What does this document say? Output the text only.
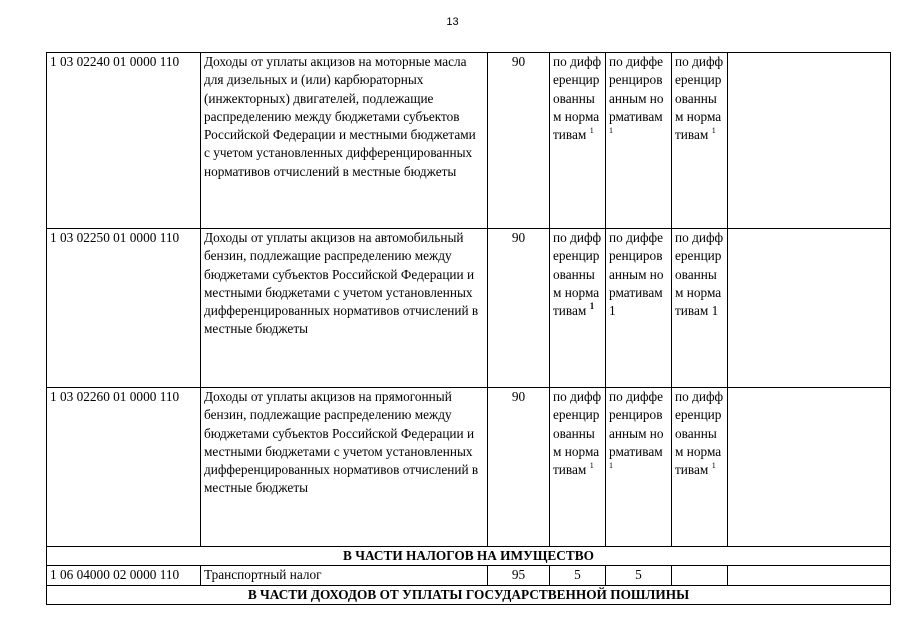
13
1 03 02240 01 0000 110	Доходы от уплаты акцизов на моторные масла для дизельных и (или) карбюраторных (инжекторных) двигателей, подлежащие распределению между бюджетами субъектов Российской Федерации и местными бюджетами с учетом установленных дифференцированных нормативов отчислений в местные бюджеты	90	по дифференцированным нормативам $^1$	по дифференцированным нормативам $^1$	по дифференцированным нормативам $^1$	
1 03 02250 01 0000 110	Доходы от уплаты акцизов на автомобильный бензин, подлежащие распределению между бюджетами субъектов Российской Федерации и местными бюджетами с учетом установленных дифференцированных нормативов отчислений в местные бюджеты	90	по дифференцированным нормативам $^1$	по дифференцированным нормативам 1	по дифференцированным нормативам 1	
1 03 02260 01 0000 110	Доходы от уплаты акцизов на прямогонный бензин, подлежащие распределению между бюджетами субъектов Российской Федерации и местными бюджетами с учетом установленных дифференцированных нормативов отчислений в местные бюджеты	90	по дифференцированным нормативам $^1$	по дифференцированным нормативам $^1$	по дифференцированным нормативам $^1$	
В ЧАСТИ НАЛОГОВ НА ИМУЩЕСТВО						
1 06 04000 02 0000 110	Транспортный налог	95	5	5		
В ЧАСТИ ДОХОДОВ ОТ УПЛАТЫ ГОСУДАРСТВЕННОЙ ПОШЛИНЫ						
